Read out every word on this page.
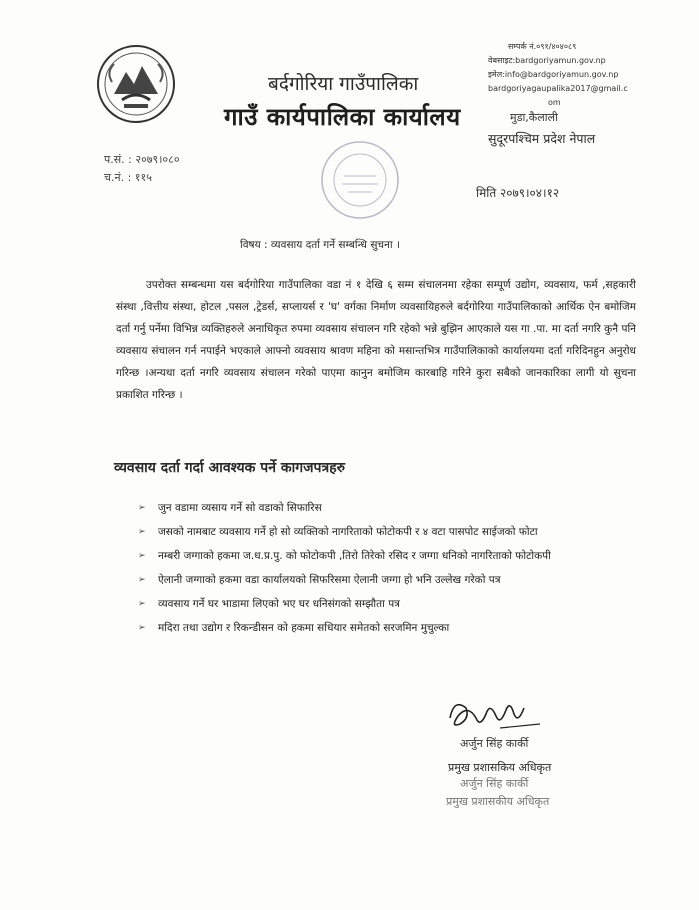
सम्पर्क नं.०९१/४०४०८९
वेबसाइट:bardgoriyamun.gov.np
इमेल:info@bardgoriyamun.gov.np
bardgoriyagaupalika2017@gmail.c
om
बर्दगोरिया गाउँपालिका
गाउँ कार्यपालिका कार्यालय	मुडा,कैलाली
सुदूरपश्चिम प्रदेश नेपाल
प.सं. : २०७९।०८०
च.नं. : ११५
मिति २०७९।०४।१२
विषय : व्यवसाय दर्ता गर्ने सम्बन्धि सुचना ।
उपरोक्त सम्बन्धमा यस बर्दगोरिया गाउँपालिका वडा नं १ देखि ६ सम्म संचालनमा रहेका सम्पूर्ण उद्योग, व्यवसाय, फर्म ,सहकारी संस्था ,वित्तीय संस्था, होटल ,पसल ,ट्रेडर्स, सप्लायर्स र 'घ' वर्गका निर्माण व्यवसायिहरुले बर्दगोरिया गाउँपालिकाको आर्थिक ऐन बमोजिम दर्ता गर्नु पर्नेमा विभिन्न व्यक्तिहरुले अनाधिकृत रुपमा व्यवसाय संचालन गरि रहेको भन्ने बुझिन आएकाले यस गा .पा. मा दर्ता नगरि कुनै पनि व्यवसाय संचालन गर्न नपाईने भएकाले आफ्नो व्यवसाय श्रावण महिना को मसान्तभित्र गाउँपालिकाको कार्यालयमा दर्ता गरिदिनहुन अनुरोध गरिन्छ ।अन्यथा दर्ता नगरि व्यवसाय संचालन गरेको पाएमा कानुन बमोजिम कारबाहि गरिने कुरा सबैको जानकारिका लागी यो सुचना प्रकाशित गरिन्छ ।
व्यवसाय दर्ता गर्दा आवश्यक पर्ने कागजपत्रहरु
➢ जुन वडामा व्यसाय गर्ने सो वडाको सिफारिस
➢ जसको नामबाट व्यवसाय गर्ने हो सो व्यक्तिको नागरिताको फोटोकपी र ४ वटा पासपोट साईजको फोटा
➢ नम्बरी जग्गाको हकमा ज.ध.प्र.पु. को फोटोकपी ,तिरो तिरेको रसिद र जग्गा धनिको नागरिताको फोटोकपी
➢ ऐलानी जग्गाको हकमा वडा कार्यालयको सिफरिसमा ऐलानी जग्गा हो भनि उल्लेख गरेको पत्र
➢ व्यवसाय गर्ने घर भाडामा लिएको भए घर धनिसंगको सम्झौता पत्र
➢ मदिरा तथा उद्योग र रिकन्डीसन को हकमा सधियार समेतको सरजमिन मुचुल्का
अर्जुन सिंह कार्की
प्रमुख प्रशासकिय अधिकृत
अर्जुन सिंह कार्की
प्रमुख प्रशासकीय अधिकृत
